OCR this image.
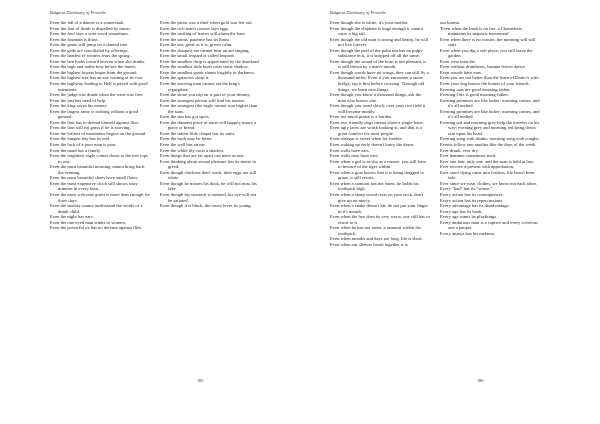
Bulgaria Dictionary of Proverbs

Even the fall of a dancer is a somersault.

Even the fear of death is dispelled by music.

Even the fool says a wise word sometimes.

Even the fountain is thirst.

Even the goats will jump on a slanted tree.

Even the gods are conciliated by offerings.

Even the hardest of winters fears the spring.

Even the hen looks toward heaven when she drinks.

Even the high and noble bow before the butter.

Even the highest towers begin from the ground.

Even the highest tree has an axe waiting at its root.

Even the highway leading to Hell is paved with good intentions.

Even the judge was drunk when the wine was free.

Even the just has need of help.

Even the king saves his money.

Even the largest army is nothing without a good general.

Even the lion has to defend himself against flies.

Even the lion will eat grass if he is starving.

Even the loftiest of mountains begins on the ground.

Even the longest day has its end.

Even the luck of a poor man is poor.

Even the maid has a family.

Even the mightiest eagle comes down to the tree tops to rest.

Even the most beautiful morning cannot bring back the evening.

Even the most beautiful shoes have small flaws.

Even the most expensive clock still shows sixty minutes in every hour.

Even the most welcome guest is more than enough for three days.

Even the mother cannot understand the words of a dumb child.

Even the night has ears.

Even the one-eyed man winks to women.

Even the powerful ox has no defense against flies.

Even the priest was a thief when gold was left out.

Even the rich man's rooster lays eggs.

Even the rustling of leaves will alarm the hare.

Even the saints' patience has its limits.

Even the sea, great as it is, grows calm.

Even the sharpest ear cannot hear an ant singing.

Even the small leopard is called leopard.

Even the smallest drop is appreciated by the drunkard.

Even the smallest little bush casts some shadow.

Even the smallest spark shines brightly in darkness.

Even the sparrows chirp it.

Even the starving man cannot eat the king's regurgitate.

Even the stone you trip on is part of your destiny.

Even the strongest person will find his master.

Even the strongest (the eagle cannot soar higher than the stars.

Even the sun has got spots.

Even the thinnest piece of meat will happily marry a piece of bread.

Even the tiniest little chapel has its saint.

Even the truth may be bitter.

Even the wall has an ear.

Even the white lily casts a shadow.

Even things that are far apart can meet as one.

Even thinking about sexual pleasure has its motto in greed.

Even though chickens don't wash, their eggs are still white.

Even though he misses his duck, he will not miss his lake.

Even though his stomach is satiated, his eye will not be satiated.

Even though it is black, the raven loves its young.

185
Bulgaria Dictionary of Proverbs

Even though she is white, it's your mother.

Even though the elephant is huge enough it cannot carry a big tail.

Even though the old man is strong and hearty, he will not live forever.

Even though the peel of the palm nut has no pulpy substance in it, it is stripped off all the same.

Even though the sound of the horn is not pleasant, it is still blown by a man's mouth.

Even though words have no wings, they can still fly a thousand miles. Even if you encounter a stone bridge, tap it first before crossing. Through old things, we learn new things.

Even though you know a thousand things, ask the man who knows one.

Even though you tread slowly over your rice field it will become muddy.

Even too much praise is a burden.

Even two friendly dogs cannot share a single bone.

Even ugly faces are worth looking at, and that is a great comfort for most people.

Even vinegar is sweet when for freebie.

Even waking up early doesn't hurry the dawn.

Even walls have ears.

Even walls may have ears.

Even when a girl is as shy as a mouse, you still have to beware of the tiger within.

Even when a goat knows that it is being dragged to graze, it still resists.

Even when a samurai has not eaten, he holds his toothpick high.

Even when a sharp sword rests on your neck, don't give up on mercy.

Even when a snake doesn't bit, do not put your finger in it's mouth.

Even when the hoe does its very worst, one still has to resort to it.

Even when he has not eaten, a samurai wields his toothpick.

Even when months and days are long, life is short.

Even when our sleeves brush together it is

our karma.

'Even when the bush is on fire, a Chameleon maintains its majestic movement'

Even when there is no rooster, the morning will still start.

Even when you dig a soft place, you still leave the garden.

Even wise men die.

Even without drumbeats, banana leaves dance.

Even woods have ears.

Even you are not better than the linen of Drako's wife.

Even your dog knows the homes of your friends.

Evening oats are good morning father.

Evening Orts is good morning-father.

Evening promises are like butter: morning comes, and it's all melted.

Evening promises are like butter: morning comes, and it's all melted.

Evening red and morning grey help the traveler on his way; evening grey and morning red bring down rain upon his head.

Evening song with drinks; morning song with coughs.

Events follow one another like the days of the week.

Ever drunk, ever dry.

Ever hemmer sometimes nods.

Ever one hair, only one, and the man is bald at last.

Ever receive a present with approbation.

Ever since dying came into fashion, life hasn't been safe.

Ever since we wear clothes, we know not each other.

Every "bad" has its "worse."

Every action has its consequences.

Every action has its repercussions.

Every advantage has its disadvantage.

Every age has its book.

Every age wants its playthings.

Every ambitious man is a captive and every covetous one a pauper.

Every anarya has his melania.

186
